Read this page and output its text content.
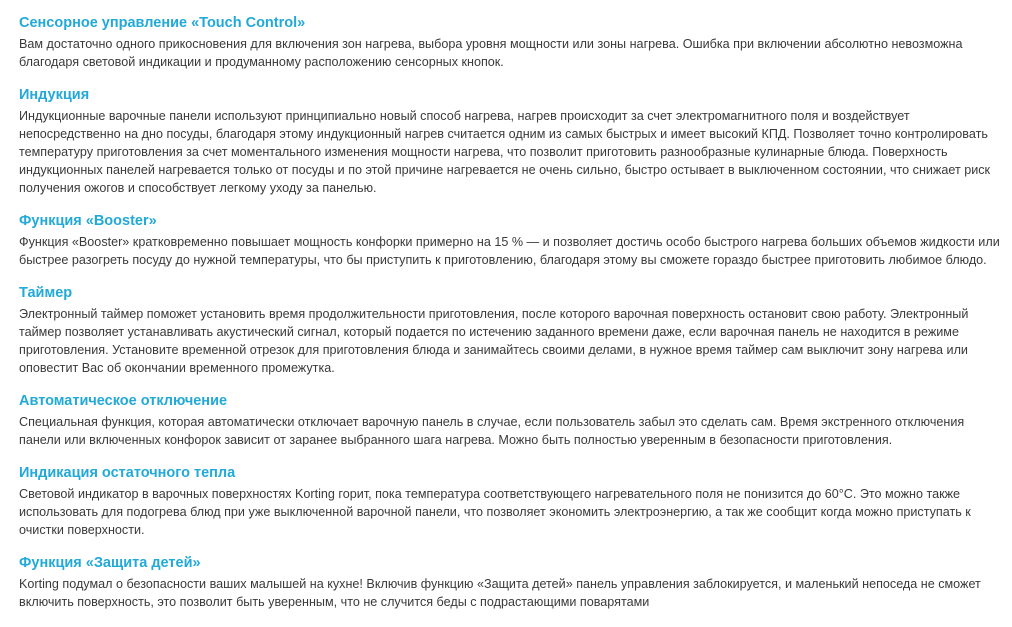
Сенсорное управление «Touch Control»

Вам достаточно одного прикосновения для включения зон нагрева, выбора уровня мощности или зоны нагрева. Ошибка при включении абсолютно невозможна благодаря световой индикации и продуманному расположению сенсорных кнопок.

Индукция

Индукционные варочные панели используют принципиально новый способ нагрева, нагрев происходит за счет электромагнитного поля и воздействует непосредственно на дно посуды, благодаря этому индукционный нагрев считается одним из самых быстрых и имеет высокий КПД. Позволяет точно контролировать температуру приготовления за счет моментального изменения мощности нагрева, что позволит приготовить разнообразные кулинарные блюда. Поверхность индукционных панелей нагревается только от посуды и по этой причине нагревается не очень сильно, быстро остывает в выключенном состоянии, что снижает риск получения ожогов и способствует легкому уходу за панелью.

Функция «Booster»

Функция «Booster» кратковременно повышает мощность конфорки примерно на 15 % — и позволяет достичь особо быстрого нагрева больших объемов жидкости или быстрее разогреть посуду до нужной температуры, что бы приступить к приготовлению, благодаря этому вы сможете гораздо быстрее приготовить любимое блюдо.

Таймер

Электронный таймер поможет установить время продолжительности приготовления, после которого варочная поверхность остановит свою работу. Электронный таймер позволяет устанавливать акустический сигнал, который подается по истечению заданного времени даже, если варочная панель не находится в режиме приготовления. Установите временной отрезок для приготовления блюда и занимайтесь своими делами, в нужное время таймер сам выключит зону нагрева или оповестит Вас об окончании временного промежутка.

Автоматическое отключение

Специальная функция, которая автоматически отключает варочную панель в случае, если пользователь забыл это сделать сам. Время экстренного отключения панели или включенных конфорок зависит от заранее выбранного шага нагрева. Можно быть полностью уверенным в безопасности приготовления.

Индикация остаточного тепла

Световой индикатор в варочных поверхностях Korting горит, пока температура соответствующего нагревательного поля не понизится до 60°С. Это можно также использовать для подогрева блюд при уже выключенной варочной панели, что позволяет экономить электроэнергию, а так же сообщит когда можно приступать к очистки поверхности.

Функция «Защита детей»

Korting подумал о безопасности ваших малышей на кухне! Включив функцию «Защита детей» панель управления заблокируется, и маленький непоседа не сможет включить поверхность, это позволит быть уверенным, что не случится беды с подрастающими поварятами
